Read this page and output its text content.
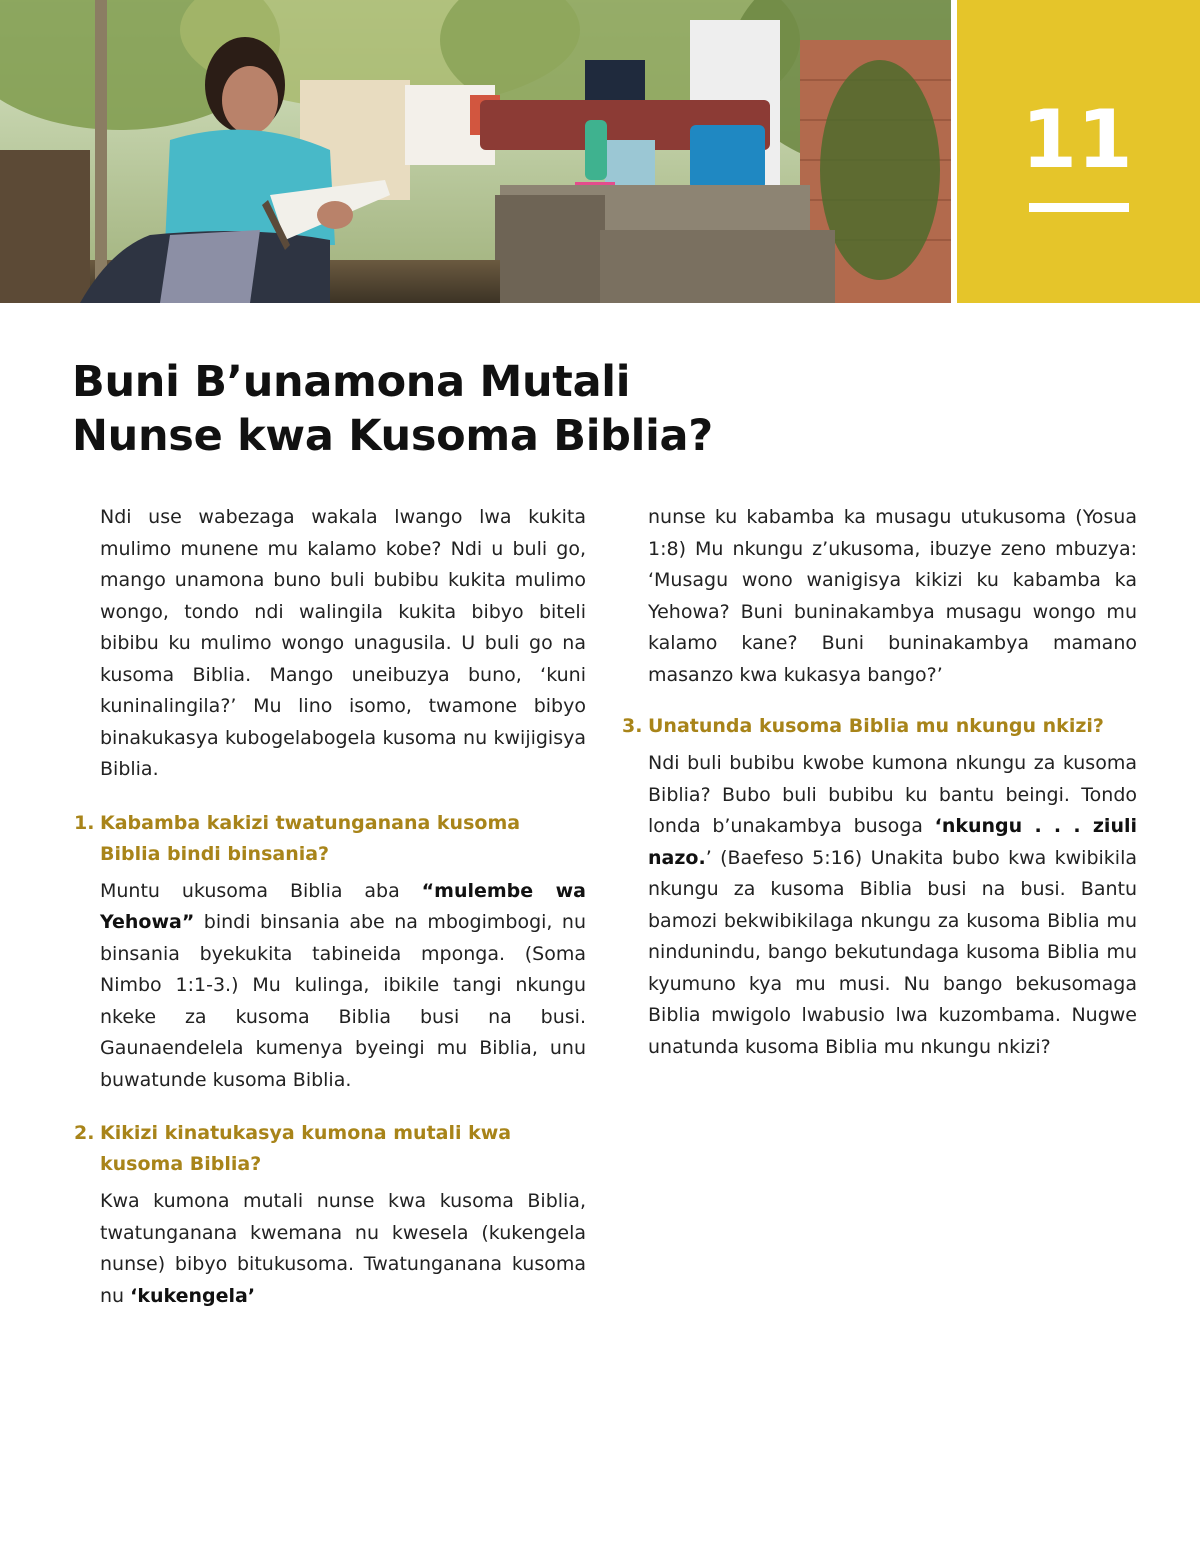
11
Buni B’unamona Mutali
Nunse kwa Kusoma Biblia?

Ndi use wabezaga wakala lwango lwa kukita mulimo munene mu kalamo kobe? Ndi u buli go, mango unamona buno buli bubibu kukita mulimo wongo, tondo ndi walingila kukita bibyo biteli bibibu ku mulimo wongo unagusila. U buli go na kusoma Biblia. Mango uneibuzya buno, ‘kuni kuninalingila?’ Mu lino isomo, twamone bibyo binakukasya kubogelabogela kusoma nu kwijigisya Biblia.

1. Kabamba kakizi twatunganana kusoma Biblia bindi binsania?

Muntu ukusoma Biblia aba “mulembe wa Yehowa” bindi binsania abe na mbogimbogi, nu binsania byekukita tabineida mponga. (Soma Nimbo 1:1-3.) Mu kulinga, ibikile tangi nkungu nkeke za kusoma Biblia busi na busi. Gaunaendelela kumenya byeingi mu Biblia, unu buwatunde kusoma Biblia.

2. Kikizi kinatukasya kumona mutali kwa kusoma Biblia?

Kwa kumona mutali nunse kwa kusoma Biblia, twatunganana kwemana nu kwesela (kukengela nunse) bibyo bitukusoma. Twatunganana kusoma nu ‘kukengela’

nunse ku kabamba ka musagu utukusoma (Yosua 1:8) Mu nkungu z’ukusoma, ibuzye zeno mbuzya: ‘Musagu wono wanigisya kikizi ku kabamba ka Yehowa? Buni buninakambya musagu wongo mu kalamo kane? Buni buninakambya mamano masanzo kwa kukasya bango?’

3. Unatunda kusoma Biblia mu nkungu nkizi?

Ndi buli bubibu kwobe kumona nkungu za kusoma Biblia? Bubo buli bubibu ku bantu beingi. Tondo londa b’unakambya busoga ‘nkungu . . . ziuli nazo.’ (Baefeso 5:16) Unakita bubo kwa kwibikila nkungu za kusoma Biblia busi na busi. Bantu bamozi bekwibikilaga nkungu za kusoma Biblia mu nindunindu, bango bekutundaga kusoma Biblia mu kyumuno kya mu musi. Nu bango bekusomaga Biblia mwigolo lwabusio lwa kuzombama. Nugwe unatunda kusoma Biblia mu nkungu nkizi?
